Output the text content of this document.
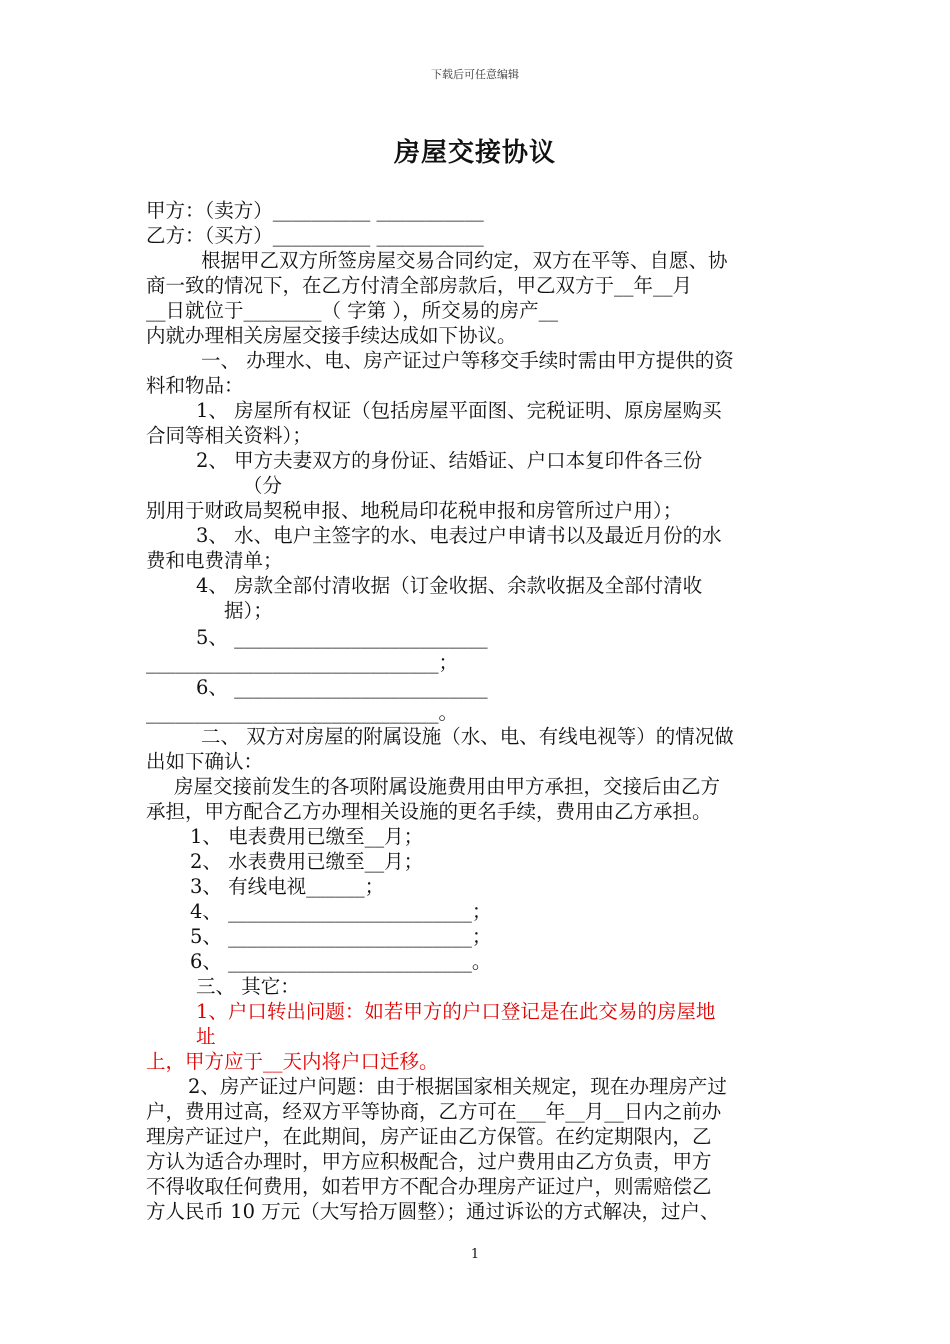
下载后可任意编辑
房屋交接协议
甲方：（卖方）__________ ___________
乙方：（买方）__________ ___________
根据甲乙双方所签房屋交易合同约定，双方在平等、自愿、协
商一致的情况下，在乙方付清全部房款后，甲乙双方于__年__月
__日就位于________（ 字第 ），所交易的房产__
内就办理相关房屋交接手续达成如下协议。
一、 办理水、电、房产证过户等移交手续时需由甲方提供的资
料和物品：
1、 房屋所有权证（包括房屋平面图、完税证明、原房屋购买
合同等相关资料）；
2、 甲方夫妻双方的身份证、结婚证、户口本复印件各三份
（分
别用于财政局契税申报、地税局印花税申报和房管所过户用）；
3、 水、电户主签字的水、电表过户申请书以及最近月份的水
费和电费清单；
4、 房款全部付清收据（订金收据、余款收据及全部付清收
据）；
5、 __________________________
______________________________；
6、 __________________________
______________________________。
二、 双方对房屋的附属设施（水、电、有线电视等）的情况做
出如下确认：
房屋交接前发生的各项附属设施费用由甲方承担，交接后由乙方
承担，甲方配合乙方办理相关设施的更名手续，费用由乙方承担。
1、 电表费用已缴至__月；
2、 水表费用已缴至__月；
3、 有线电视______；
4、 _________________________；
5、 _________________________；
6、 _________________________。
三、 其它：
1、户口转出问题：如若甲方的户口登记是在此交易的房屋地
址
上，甲方应于__天内将户口迁移。
2、房产证过户问题：由于根据国家相关规定，现在办理房产过
户，费用过高，经双方平等协商，乙方可在___年__月__日内之前办
理房产证过户，在此期间，房产证由乙方保管。在约定期限内，乙
方认为适合办理时，甲方应积极配合，过户费用由乙方负责，甲方
不得收取任何费用，如若甲方不配合办理房产证过户，则需赔偿乙
方人民币 10 万元（大写拾万圆整）；通过诉讼的方式解决，过户、
1
